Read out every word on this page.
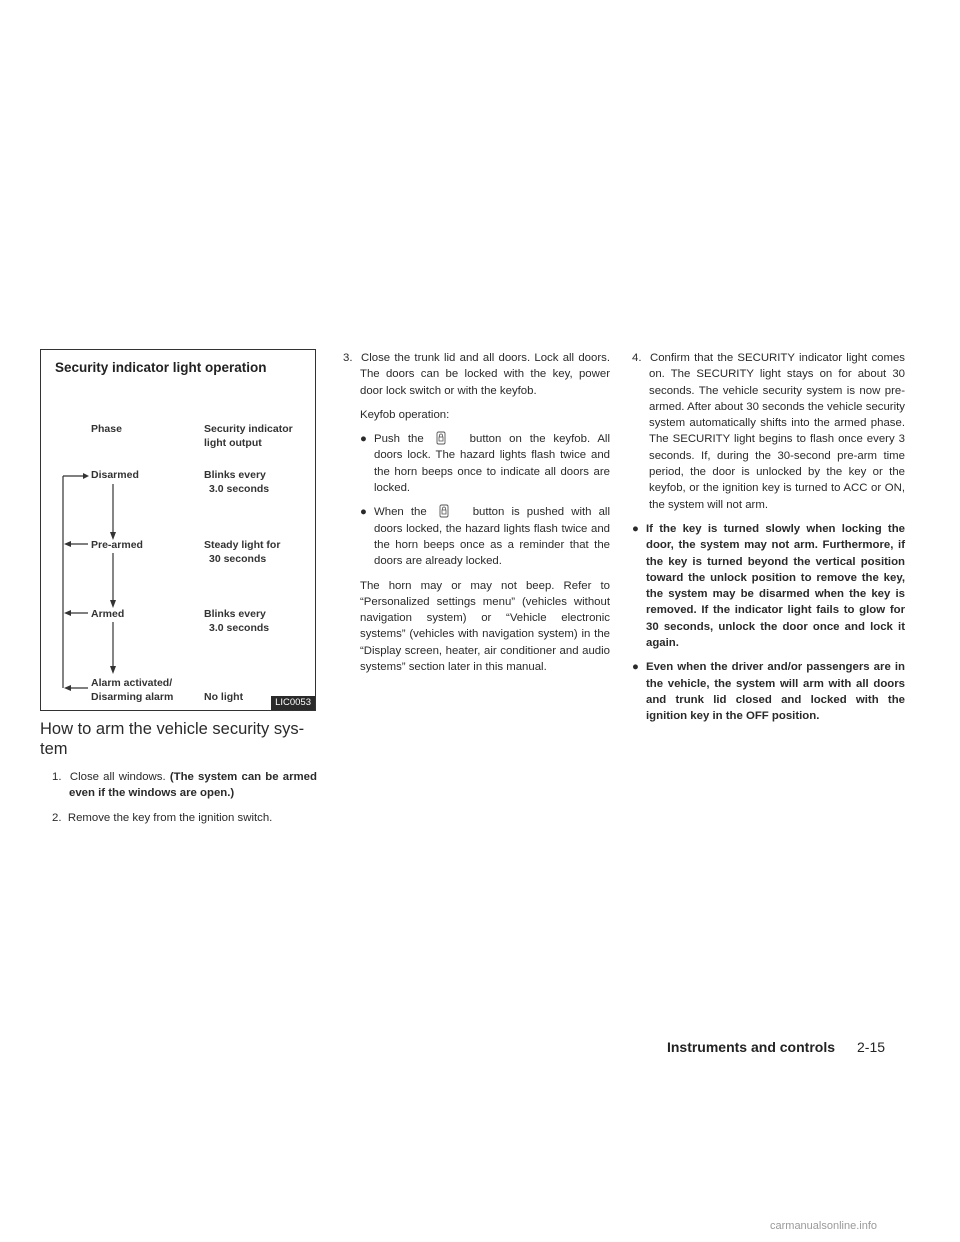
Security indicator light operation
Phase	Security indicator
light output
Disarmed	Blinks every
3.0 seconds
Pre-armed	Steady light for
30 seconds
Armed	Blinks every
3.0 seconds
Alarm activated/
Disarming alarm	No light	LIC0053
How to arm the vehicle security sys-tem

1. Close all windows. (The system can be armed even if the windows are open.)

2. Remove the key from the ignition switch.

3. Close the trunk lid and all doors. Lock all doors. The doors can be locked with the key, power door lock switch or with the keyfob.

Keyfob operation:

● Push the	button on the keyfob. All doors lock. The hazard lights flash twice and the horn beeps once to indicate all doors are locked.

● When the	button is pushed with all doors locked, the hazard lights flash twice and the horn beeps once as a reminder that the doors are already locked.

The horn may or may not beep. Refer to “Personalized settings menu” (vehicles without navigation system) or “Vehicle electronic systems” (vehicles with navigation system) in the “Display screen, heater, air conditioner and audio systems” section later in this manual.

4. Confirm that the SECURITY indicator light comes on. The SECURITY light stays on for about 30 seconds. The vehicle security system is now pre-armed. After about 30 seconds the vehicle security system automatically shifts into the armed phase. The SECURITY light begins to flash once every 3 seconds. If, during the 30-second pre-arm time period, the door is unlocked by the key or the keyfob, or the ignition key is turned to ACC or ON, the system will not arm.

● If the key is turned slowly when locking the door, the system may not arm. Furthermore, if the key is turned beyond the vertical position toward the unlock position to remove the key, the system may be disarmed when the key is removed. If the indicator light fails to glow for 30 seconds, unlock the door once and lock it again.

● Even when the driver and/or passengers are in the vehicle, the system will arm with all doors and trunk lid closed and locked with the ignition key in the OFF position.

Instruments and controls 2-15
carmanualsonline.info
